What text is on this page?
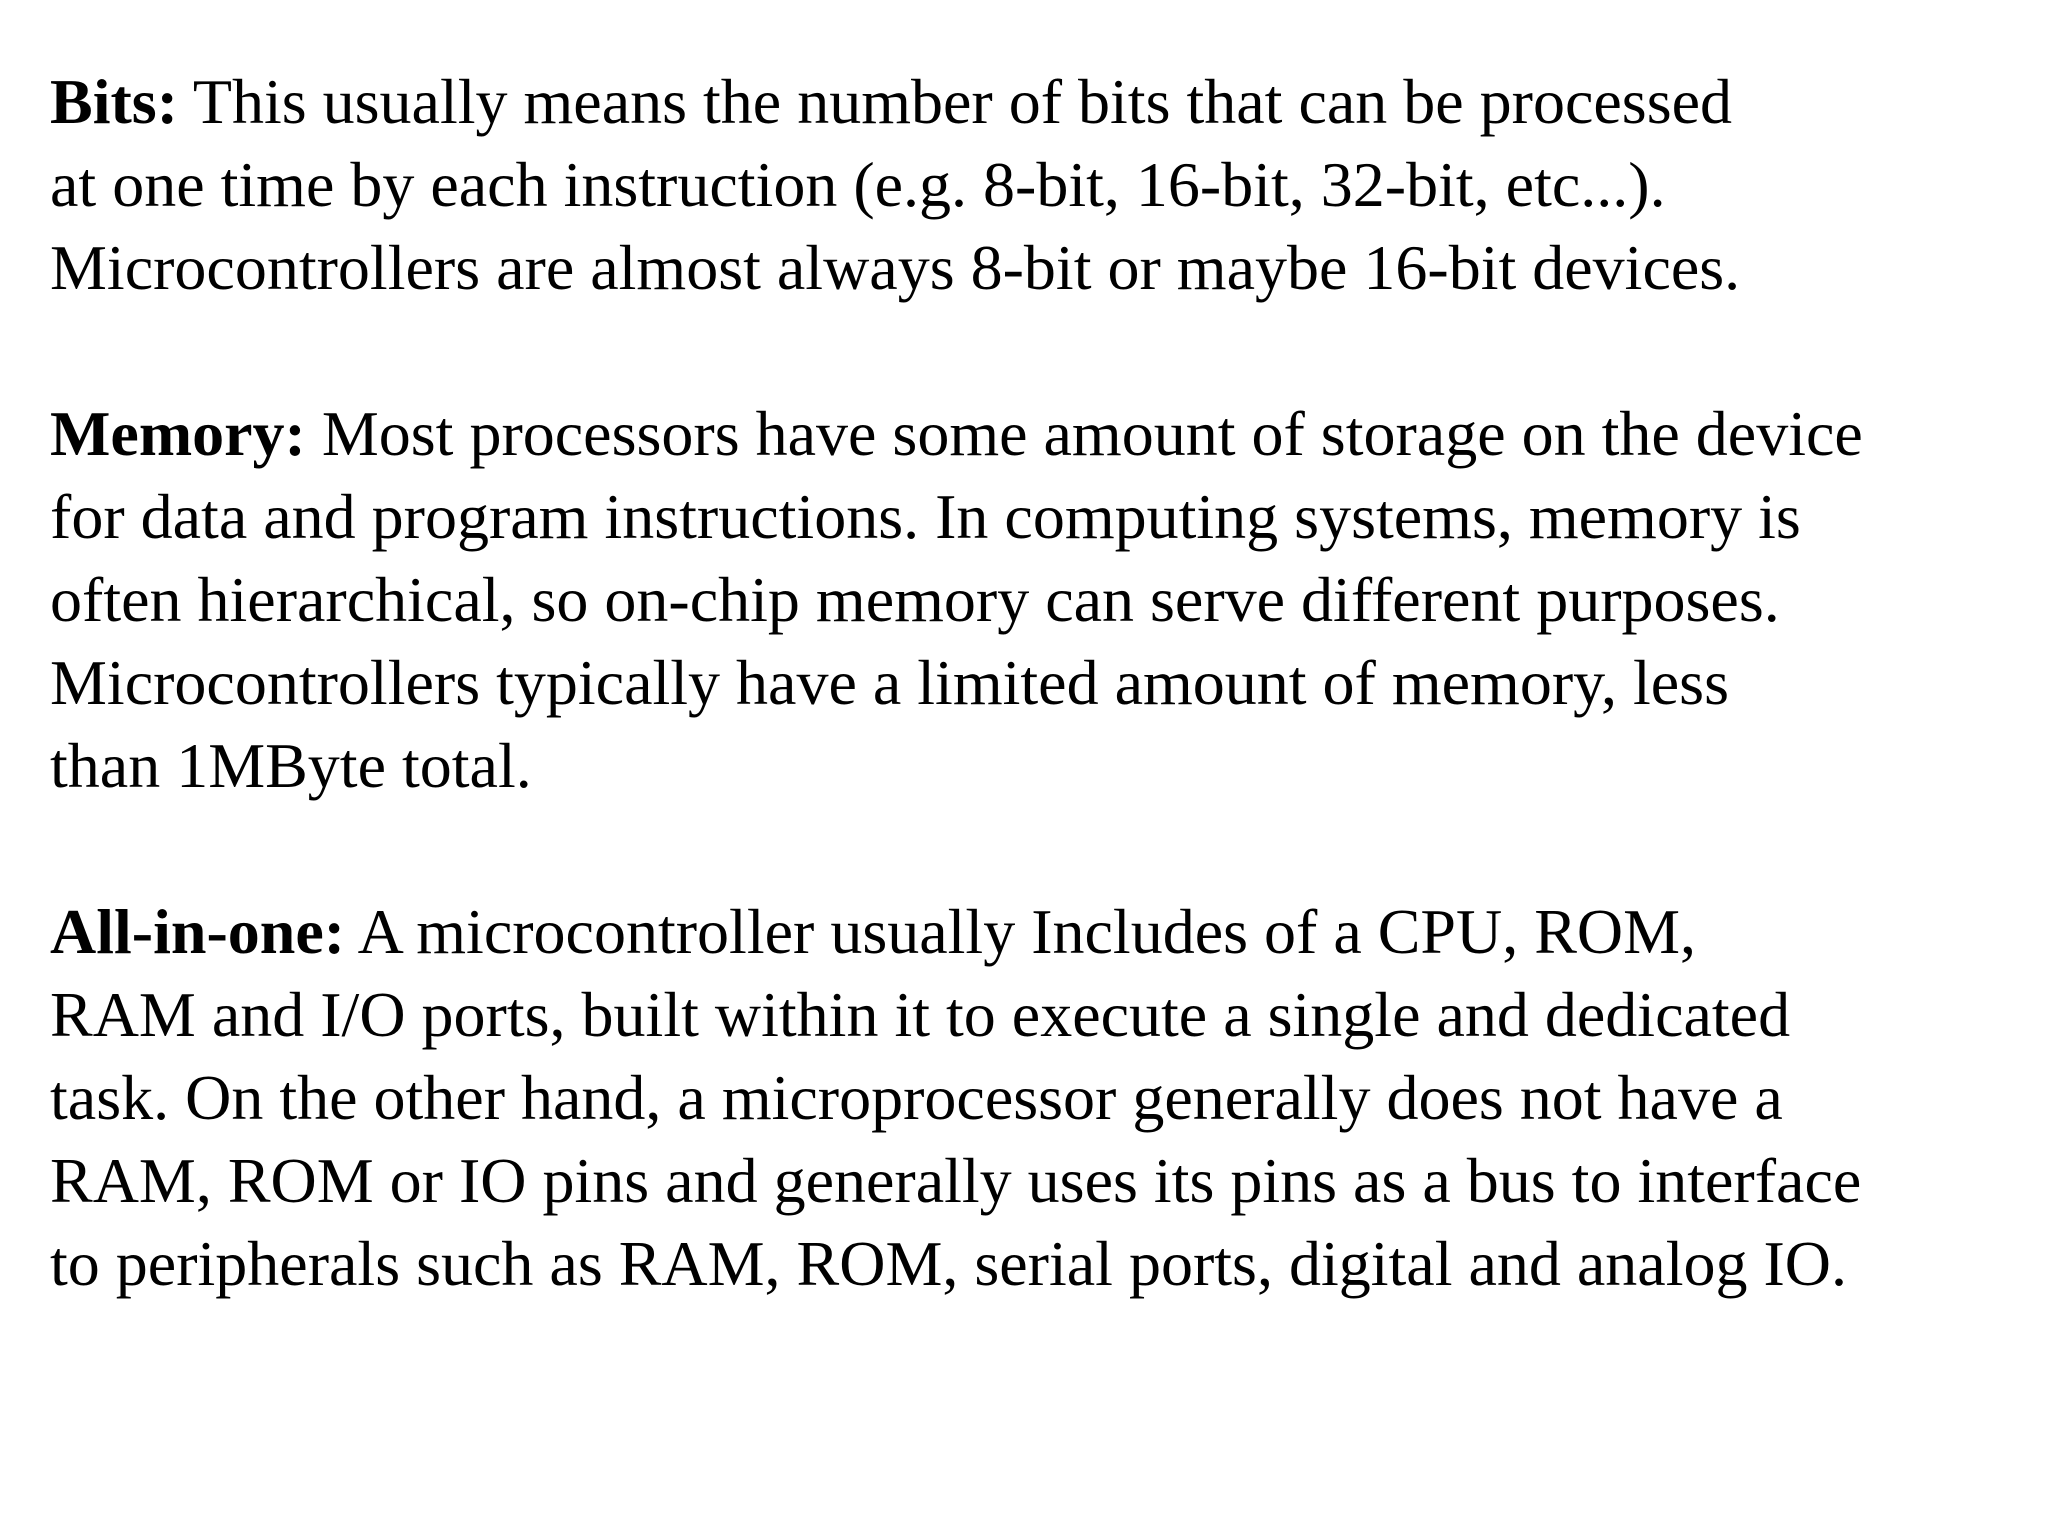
Bits: This usually means the number of bits that can be processed
at one time by each instruction (e.g. 8-bit, 16-bit, 32-bit, etc...).
Microcontrollers are almost always 8-bit or maybe 16-bit devices.
Memory: Most processors have some amount of storage on the device
for data and program instructions. In computing systems, memory is
often hierarchical, so on-chip memory can serve different purposes.
Microcontrollers typically have a limited amount of memory, less
than 1MByte total.
All-in-one: A microcontroller usually Includes of a CPU, ROM,
RAM and I/O ports, built within it to execute a single and dedicated
task. On the other hand, a microprocessor generally does not have a
RAM, ROM or IO pins and generally uses its pins as a bus to interface
to peripherals such as RAM, ROM, serial ports, digital and analog IO.
